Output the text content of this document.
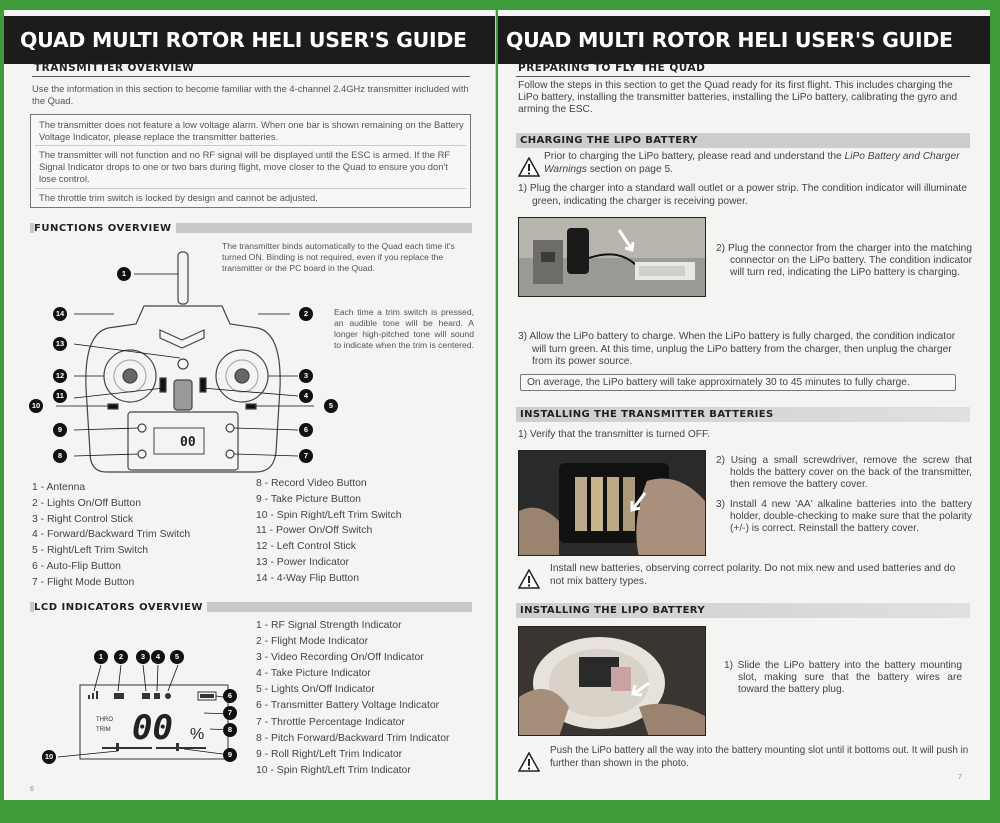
QUAD MULTI ROTOR HELI USER'S GUIDE
TRANSMITTER OVERVIEW
Use the information in this section to become familiar with the 4-channel 2.4GHz transmitter included with the Quad.
The transmitter does not feature a low voltage alarm. When one bar is shown remaining on the Battery Voltage Indicator, please replace the transmitter batteries.
The transmitter will not function and no RF signal will be displayed until the ESC is armed. If the RF Signal Indicator drops to one or two bars during flight, move closer to the Quad to ensure you don't lose control.
The throttle trim switch is locked by design and cannot be adjusted.
FUNCTIONS OVERVIEW
The transmitter binds automatically to the Quad each time it's turned ON. Binding is not required, even if you replace the transmitter or the PC board in the Quad.
Each time a trim switch is pressed, an audible tone will be heard. A longer high-pitched tone will sound to indicate when the trim is centered.
00
1
2
3
4
5
6
7
8
9
10
11
12
13
14
1 - Antenna
2 - Lights On/Off Button
3 - Right Control Stick
4 - Forward/Backward Trim Switch
5 - Right/Left Trim Switch
6 - Auto-Flip Button
7 - Flight Mode Button
8 - Record Video Button
9 - Take Picture Button
10 - Spin Right/Left Trim Switch
11 - Power On/Off Switch
12 - Left Control Stick
13 - Power Indicator
14 - 4-Way Flip Button
LCD INDICATORS OVERVIEW
THRO
TRIM 00 %
1	2	3	4	5
6
7
8
9
10
1 - RF Signal Strength Indicator
2 - Flight Mode Indicator
3 - Video Recording On/Off Indicator
4 - Take Picture Indicator
5 - Lights On/Off Indicator
6 - Transmitter Battery Voltage Indicator
7 - Throttle Percentage Indicator
8 - Pitch Forward/Backward Trim Indicator
9 - Roll Right/Left Trim Indicator
10 - Spin Right/Left Trim Indicator
6
QUAD MULTI ROTOR HELI USER'S GUIDE
PREPARING TO FLY THE QUAD
Follow the steps in this section to get the Quad ready for its first flight. This includes charging the LiPo battery, installing the transmitter batteries, installing the LiPo battery, calibrating the gyro and arming the ESC.
CHARGING THE LIPO BATTERY
Prior to charging the LiPo battery, please read and understand the LiPo Battery and Charger Warnings section on page 5.
1) Plug the charger into a standard wall outlet or a power strip. The condition indicator will illuminate green, indicating the charger is receiving power.
2) Plug the connector from the charger into the matching connector on the LiPo battery. The condition indicator will turn red, indicating the LiPo battery is charging.
3) Allow the LiPo battery to charge. When the LiPo battery is fully charged, the condition indicator will turn green. At this time, unplug the LiPo battery from the charger, then unplug the charger from its power source.
On average, the LiPo battery will take approximately 30 to 45 minutes to fully charge.
INSTALLING THE TRANSMITTER BATTERIES
1) Verify that the transmitter is turned OFF.
2) Using a small screwdriver, remove the screw that holds the battery cover on the back of the transmitter, then remove the battery cover.
3) Install 4 new 'AA' alkaline batteries into the battery holder, double-checking to make sure that the polarity (+/-) is correct. Reinstall the battery cover.
Install new batteries, observing correct polarity. Do not mix new and used batteries and do not mix battery types.
INSTALLING THE LIPO BATTERY
1) Slide the LiPo battery into the battery mounting slot, making sure that the battery wires are toward the battery plug.
Push the LiPo battery all the way into the battery mounting slot until it bottoms out. It will push in further than shown in the photo.
7
